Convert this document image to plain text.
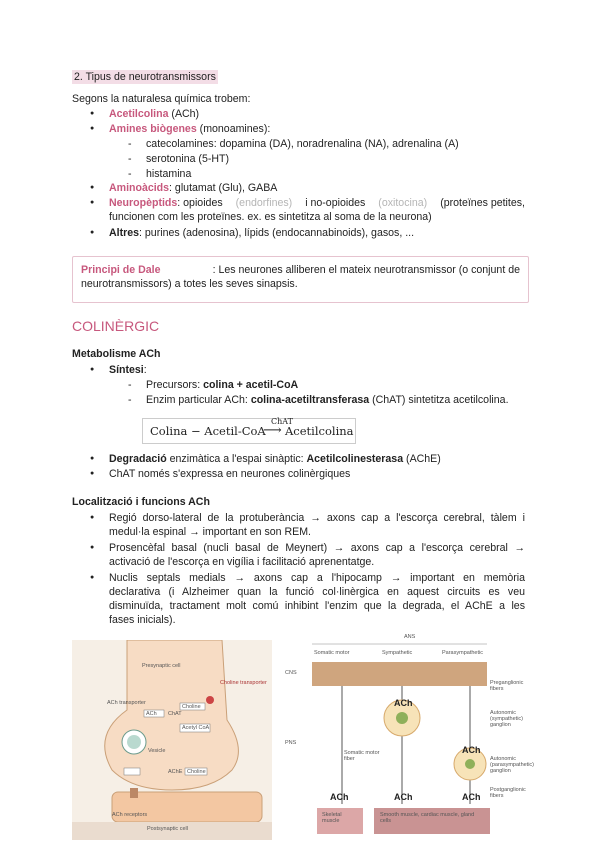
2. Tipus de neurotransmissors
Segons la naturalesa química trobem:
● Acetilcolina (ACh)
● Amines biògenes (monoamines):
- catecolamines: dopamina (DA), noradrenalina (NA), adrenalina (A)
- serotonina (5-HT)
- histamina
● Aminoàcids: glutamat (Glu), GABA
● Neuropèptids: opioides (endorfines) i no-opioides (oxitocina) (proteïnes petites,
funcionen com les proteïnes. ex. es sintetitza al soma de la neurona)
● Altres: purines (adenosina), lípids (endocannabinoids), gasos, ...
Principi de Dale	: Les neurones alliberen el mateix neurotransmissor (o conjunt de
neurotransmissors) a totes les seves sinapsis.
COLINÈRGIC
Metabolisme ACh
● Síntesi:
- Precursors: colina + acetil-CoA
- Enzim particular ACh: colina-acetiltransferasa (ChAT) sintetitza acetilcolina.
Colina − Acetil-CoA
ChAT
⟶ Acetilcolina
● Degradació enzimàtica a l'espai sinàptic: Acetilcolinesterasa (AChE)
● ChAT només s'expressa en neurones colinèrgiques
Localització i funcions ACh
● Regió dorso-lateral de la protuberància → axons cap a l'escorça cerebral, tàlem i
medul·la espinal → important en son REM.
● Prosencèfal basal (nucli basal de Meynert) → axons cap a l'escorça cerebral →
activació de l'escorça en vigília i facilitació aprenentatge.
● Nuclis septals medials → axons cap a l'hipocamp → important en memòria
declarativa (i Alzheimer quan la funció col·linèrgica en aquest circuits es veu
disminuïda, tractament molt comú inhibint l'enzim que la degrada, el AChE a les
fases inicials).
Presynaptic cell
Choline transporter
ACh transporter
ChAT
Choline
Acetyl CoA
ACh
Vesicle
AChE Choline
ACh receptors
Postsynaptic cell
ANS
Somatic motor	Sympathetic	Parasympathetic
CNS
PNS
ACh
ACh
ACh	ACh	ACh
Preganglionic fibers
Autonomic (sympathetic) ganglion
Somatic motor fiber	Autonomic (parasympathetic) ganglion
Postganglionic fibers
Skeletal muscle
Smooth muscle, cardiac muscle, gland cells
